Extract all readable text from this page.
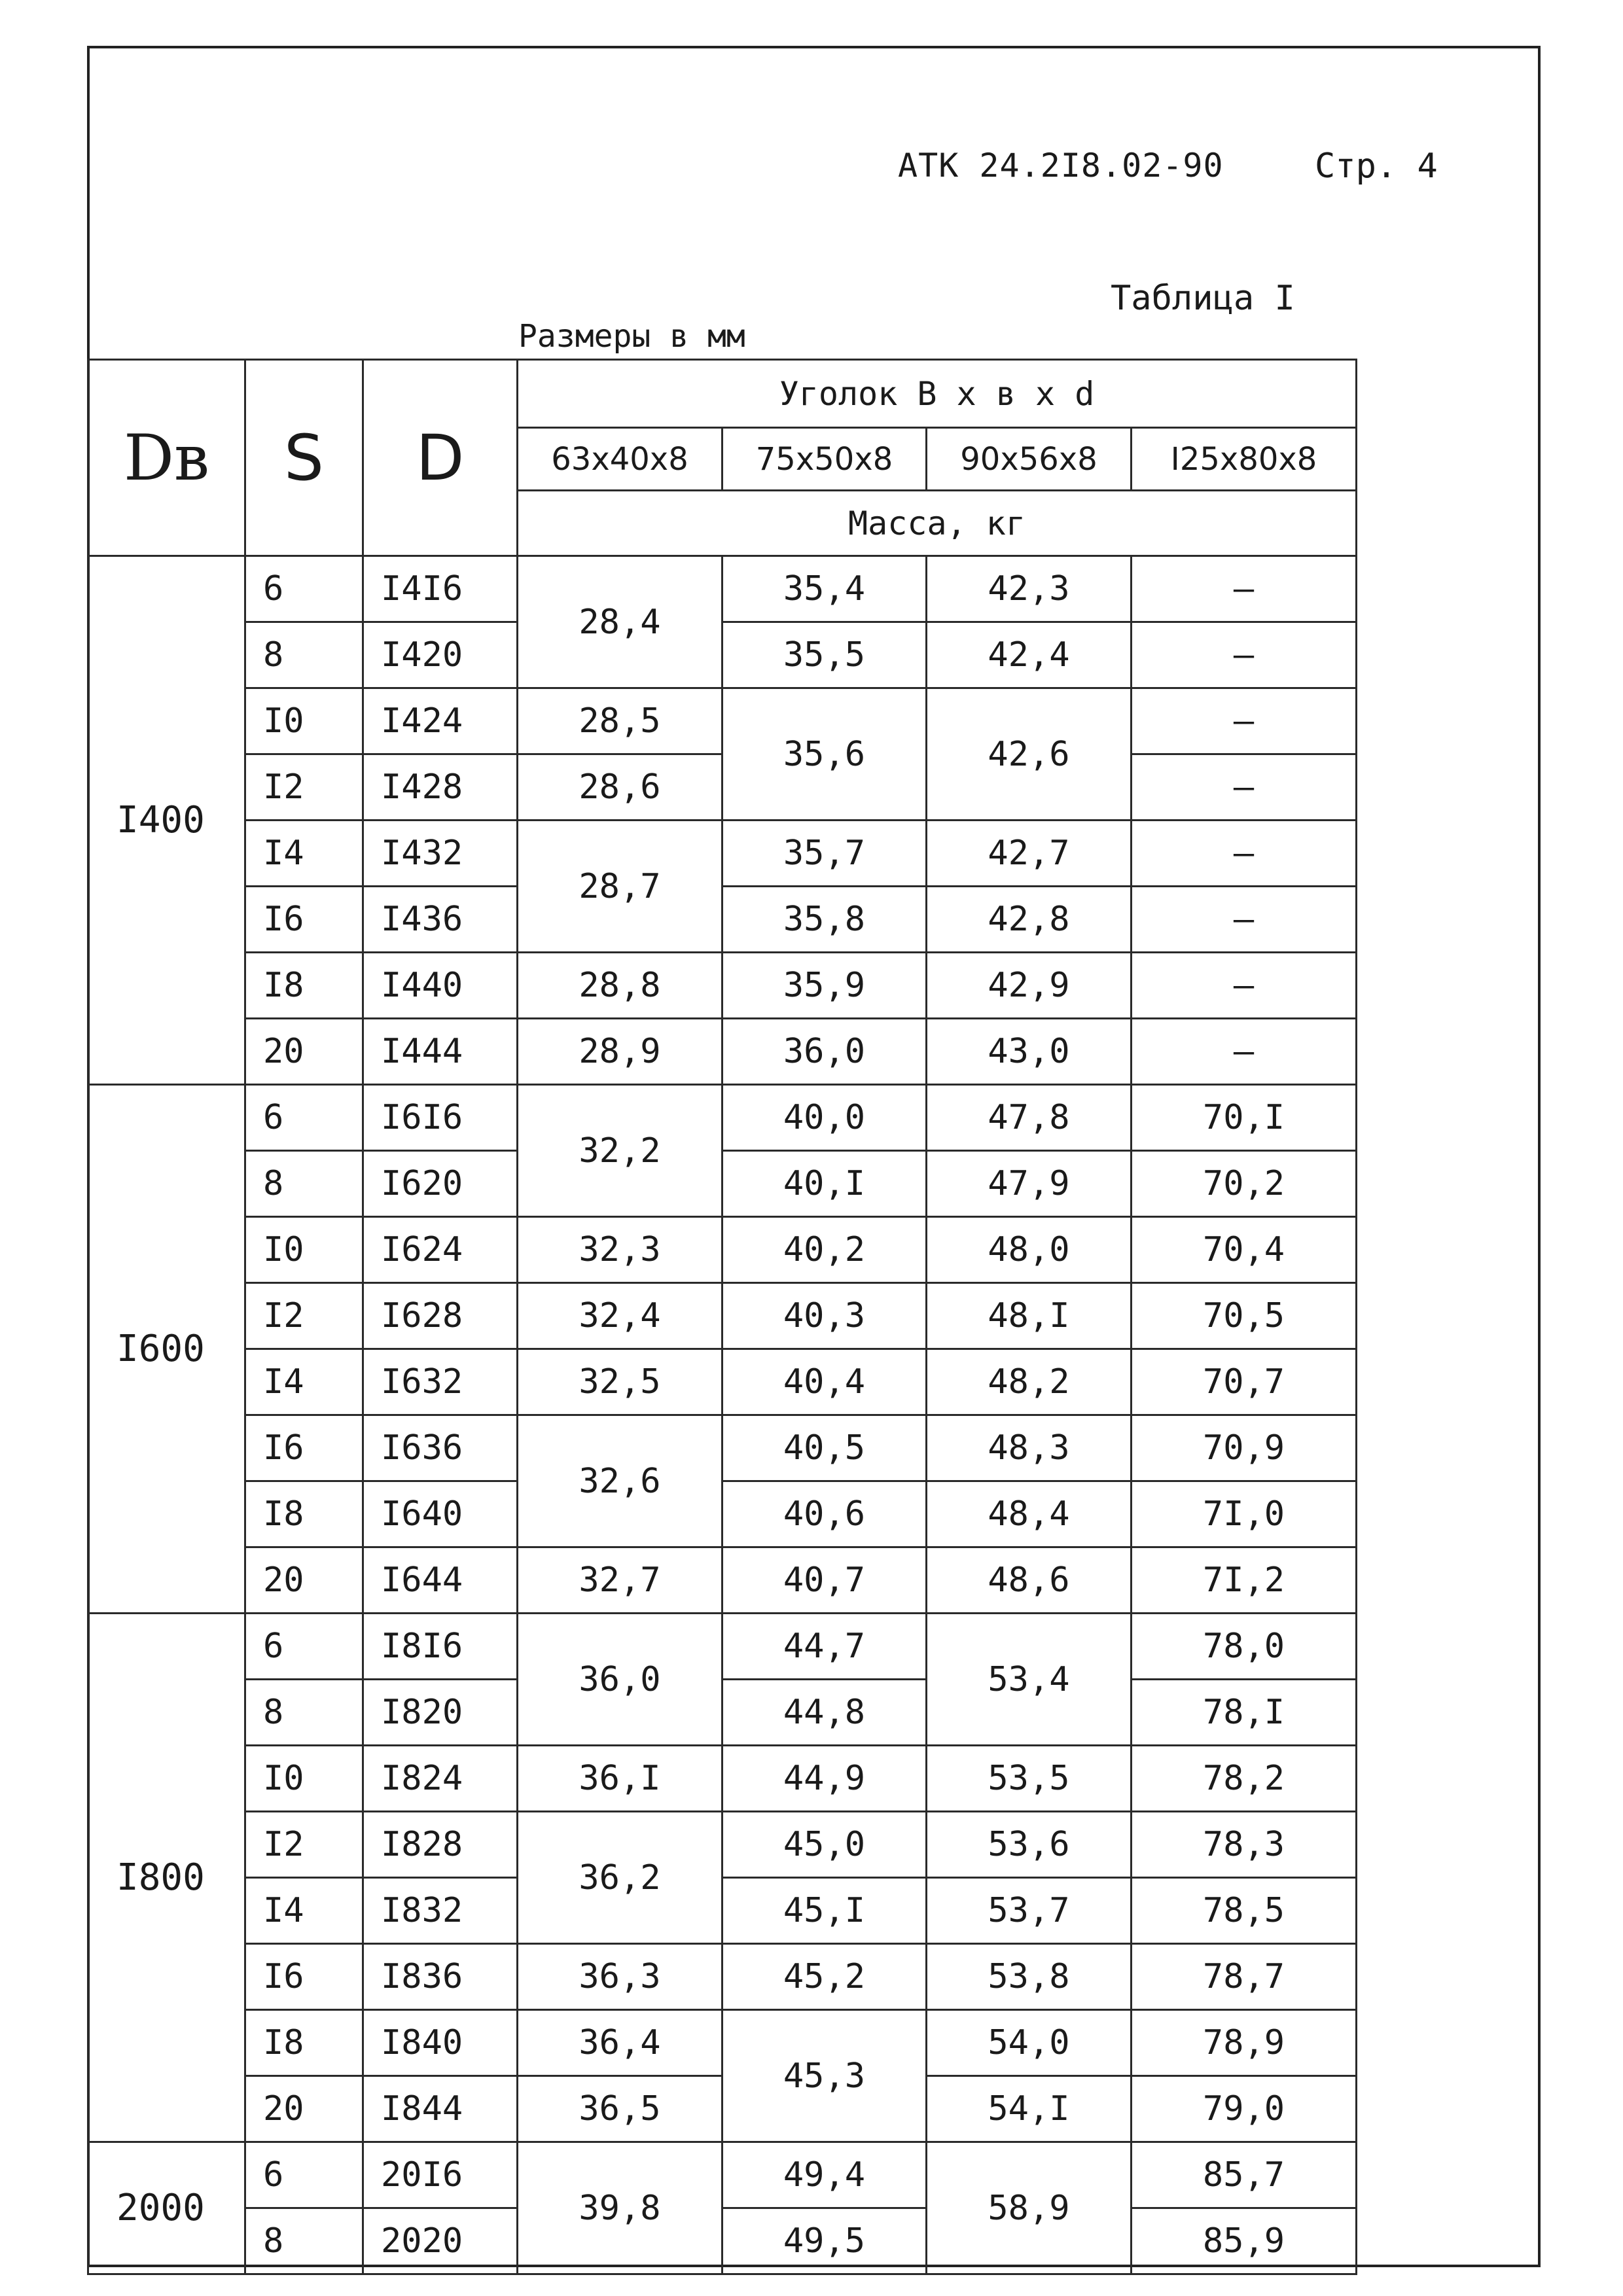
АТК 24.2I8.02-90	Стр. 4
Таблица I
Размеры в мм
Dв	S	D	Уголок В х в х d			
			63х40х8	75х50х8	90х56х8	I25х80х8
			Масса, кг			
I400	6	I4I6	28,4	35,4	42,3	–
	8	I420		35,5	42,4	–
	I0	I424	28,5	35,6	42,6	–
	I2	I428	28,6			–
	I4	I432	28,7	35,7	42,7	–
	I6	I436		35,8	42,8	–
	I8	I440	28,8	35,9	42,9	–
	20	I444	28,9	36,0	43,0	–
I600	6	I6I6	32,2	40,0	47,8	70,I
	8	I620		40,I	47,9	70,2
	I0	I624	32,3	40,2	48,0	70,4
	I2	I628	32,4	40,3	48,I	70,5
	I4	I632	32,5	40,4	48,2	70,7
	I6	I636	32,6	40,5	48,3	70,9
	I8	I640		40,6	48,4	7I,0
	20	I644	32,7	40,7	48,6	7I,2
I800	6	I8I6	36,0	44,7	53,4	78,0
	8	I820		44,8		78,I
	I0	I824	36,I	44,9	53,5	78,2
	I2	I828	36,2	45,0	53,6	78,3
	I4	I832		45,I	53,7	78,5
	I6	I836	36,3	45,2	53,8	78,7
	I8	I840	36,4	45,3	54,0	78,9
	20	I844	36,5		54,I	79,0
2000	6	20I6	39,8	49,4	58,9	85,7
	8	2020		49,5		85,9
